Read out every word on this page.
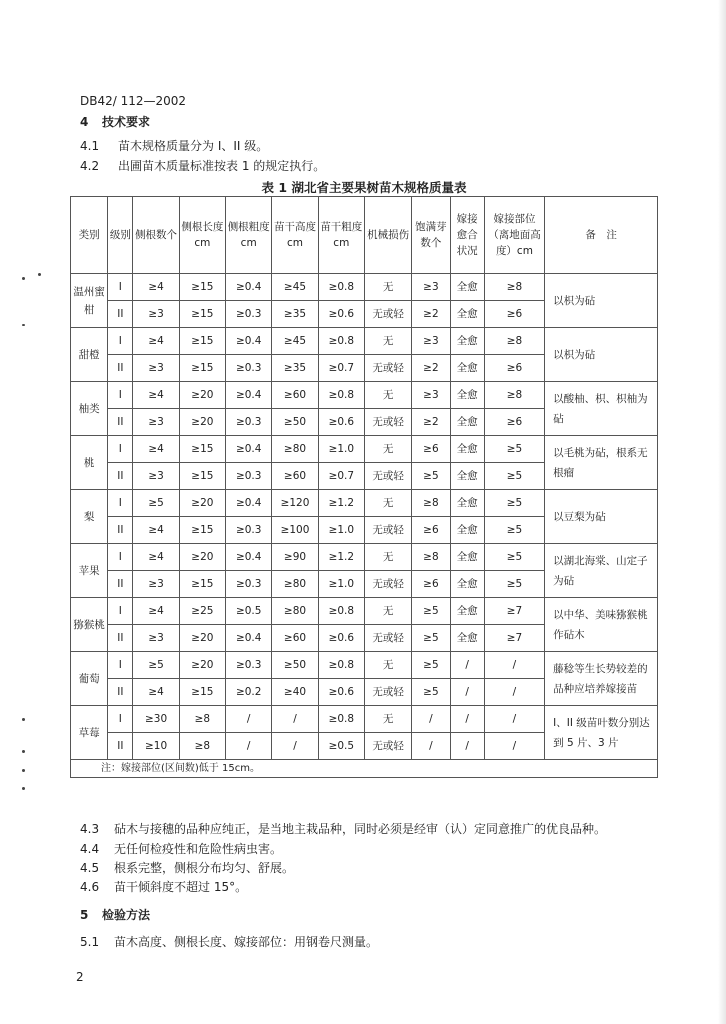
DB42/ 112—2002
4 技术要求
4.1 苗木规格质量分为 I、II 级。
4.2 出圃苗木质量标准按表 1 的规定执行。
表 1 湖北省主要果树苗木规格质量表
类别	级别	侧根数个	侧根长度cm	侧根粗度cm	苗干高度cm	苗干粗度cm	机械损伤	饱满芽数个	嫁接愈合状况	嫁接部位（离地面高度）cm	备　注
温州蜜柑	I	≥4	≥15	≥0.4	≥45	≥0.8	无	≥3	全愈	≥8	以枳为砧
	II	≥3	≥15	≥0.3	≥35	≥0.6	无或轻	≥2	全愈	≥6	
甜橙	I	≥4	≥15	≥0.4	≥45	≥0.8	无	≥3	全愈	≥8	以枳为砧
	II	≥3	≥15	≥0.3	≥35	≥0.7	无或轻	≥2	全愈	≥6	
柚类	I	≥4	≥20	≥0.4	≥60	≥0.8	无	≥3	全愈	≥8	以酸柚、枳、枳柚为砧
	II	≥3	≥20	≥0.3	≥50	≥0.6	无或轻	≥2	全愈	≥6	
桃	I	≥4	≥15	≥0.4	≥80	≥1.0	无	≥6	全愈	≥5	以毛桃为砧，根系无根瘤
	II	≥3	≥15	≥0.3	≥60	≥0.7	无或轻	≥5	全愈	≥5	
梨	I	≥5	≥20	≥0.4	≥120	≥1.2	无	≥8	全愈	≥5	以豆梨为砧
	II	≥4	≥15	≥0.3	≥100	≥1.0	无或轻	≥6	全愈	≥5	
苹果	I	≥4	≥20	≥0.4	≥90	≥1.2	无	≥8	全愈	≥5	以湖北海棠、山定子为砧
	II	≥3	≥15	≥0.3	≥80	≥1.0	无或轻	≥6	全愈	≥5	
猕猴桃	I	≥4	≥25	≥0.5	≥80	≥0.8	无	≥5	全愈	≥7	以中华、美味猕猴桃作砧木
	II	≥3	≥20	≥0.4	≥60	≥0.6	无或轻	≥5	全愈	≥7	
葡萄	I	≥5	≥20	≥0.3	≥50	≥0.8	无	≥5	/	/	藤稔等生长势较差的品种应培养嫁接苗
	II	≥4	≥15	≥0.2	≥40	≥0.6	无或轻	≥5	/	/	
草莓	I	≥30	≥8	/	/	≥0.8	无	/	/	/	I、II 级苗叶数分别达到 5 片、3 片
	II	≥10	≥8	/	/	≥0.5	无或轻	/	/	/	
注：嫁接部位(区间数)低于 15cm。											
4.3 砧木与接穗的品种应纯正，是当地主栽品种，同时必须是经审（认）定同意推广的优良品种。
4.4 无任何检疫性和危险性病虫害。
4.5 根系完整，侧根分布均匀、舒展。
4.6 苗干倾斜度不超过 15°。
5 检验方法
5.1 苗木高度、侧根长度、嫁接部位：用钢卷尺测量。
2
